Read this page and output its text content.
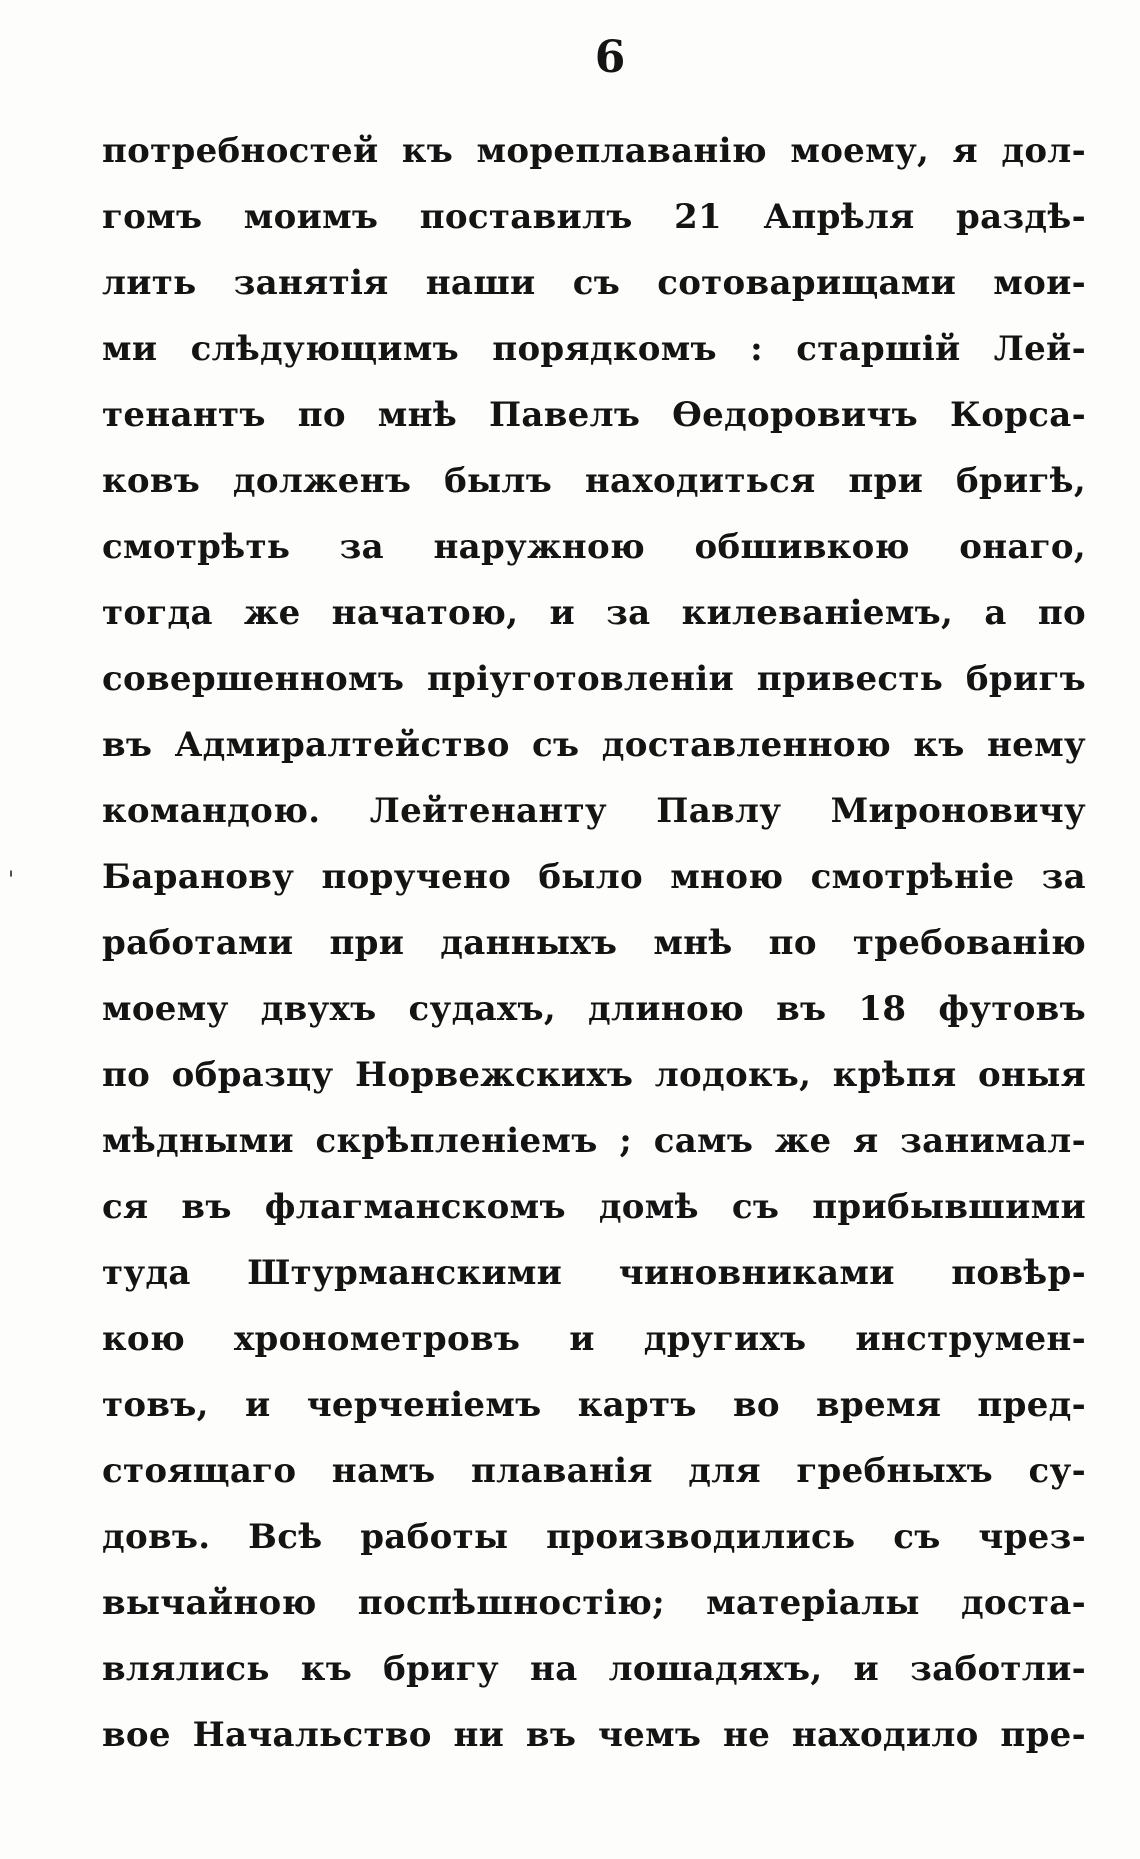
'
6
потребностей къ мореплаванію моему, я дол-
гомъ моимъ поставилъ 21 Апрѣля раздѣ-
лить занятія наши съ сотоварищами мои-
ми слѣдующимъ порядкомъ : старшій Лей-
тенантъ по мнѣ Павелъ Ѳедоровичъ Корса-
ковъ долженъ былъ находиться при бригѣ,
смотрѣть за наружною обшивкою онаго,
тогда же начатою, и за килеваніемъ, а по
совершенномъ пріуготовленіи привесть бригъ
въ Адмиралтейство съ доставленною къ нему
командою. Лейтенанту Павлу Мироновичу
Баранову поручено было мною смотрѣніе за
работами при данныхъ мнѣ по требованію
моему двухъ судахъ, длиною въ 18 футовъ
по образцу Норвежскихъ лодокъ, крѣпя оныя
мѣдными скрѣпленіемъ ; самъ же я занимал-
ся въ флагманскомъ домѣ съ прибывшими
туда Штурманскими чиновниками повѣр-
кою хронометровъ и другихъ инструмен-
товъ, и черченіемъ картъ во время пред-
стоящаго намъ плаванія для гребныхъ су-
довъ. Всѣ работы производились съ чрез-
вычайною поспѣшностію; матеріалы доста-
влялись къ бригу на лошадяхъ, и заботли-
вое Начальство ни въ чемъ не находило пре-
